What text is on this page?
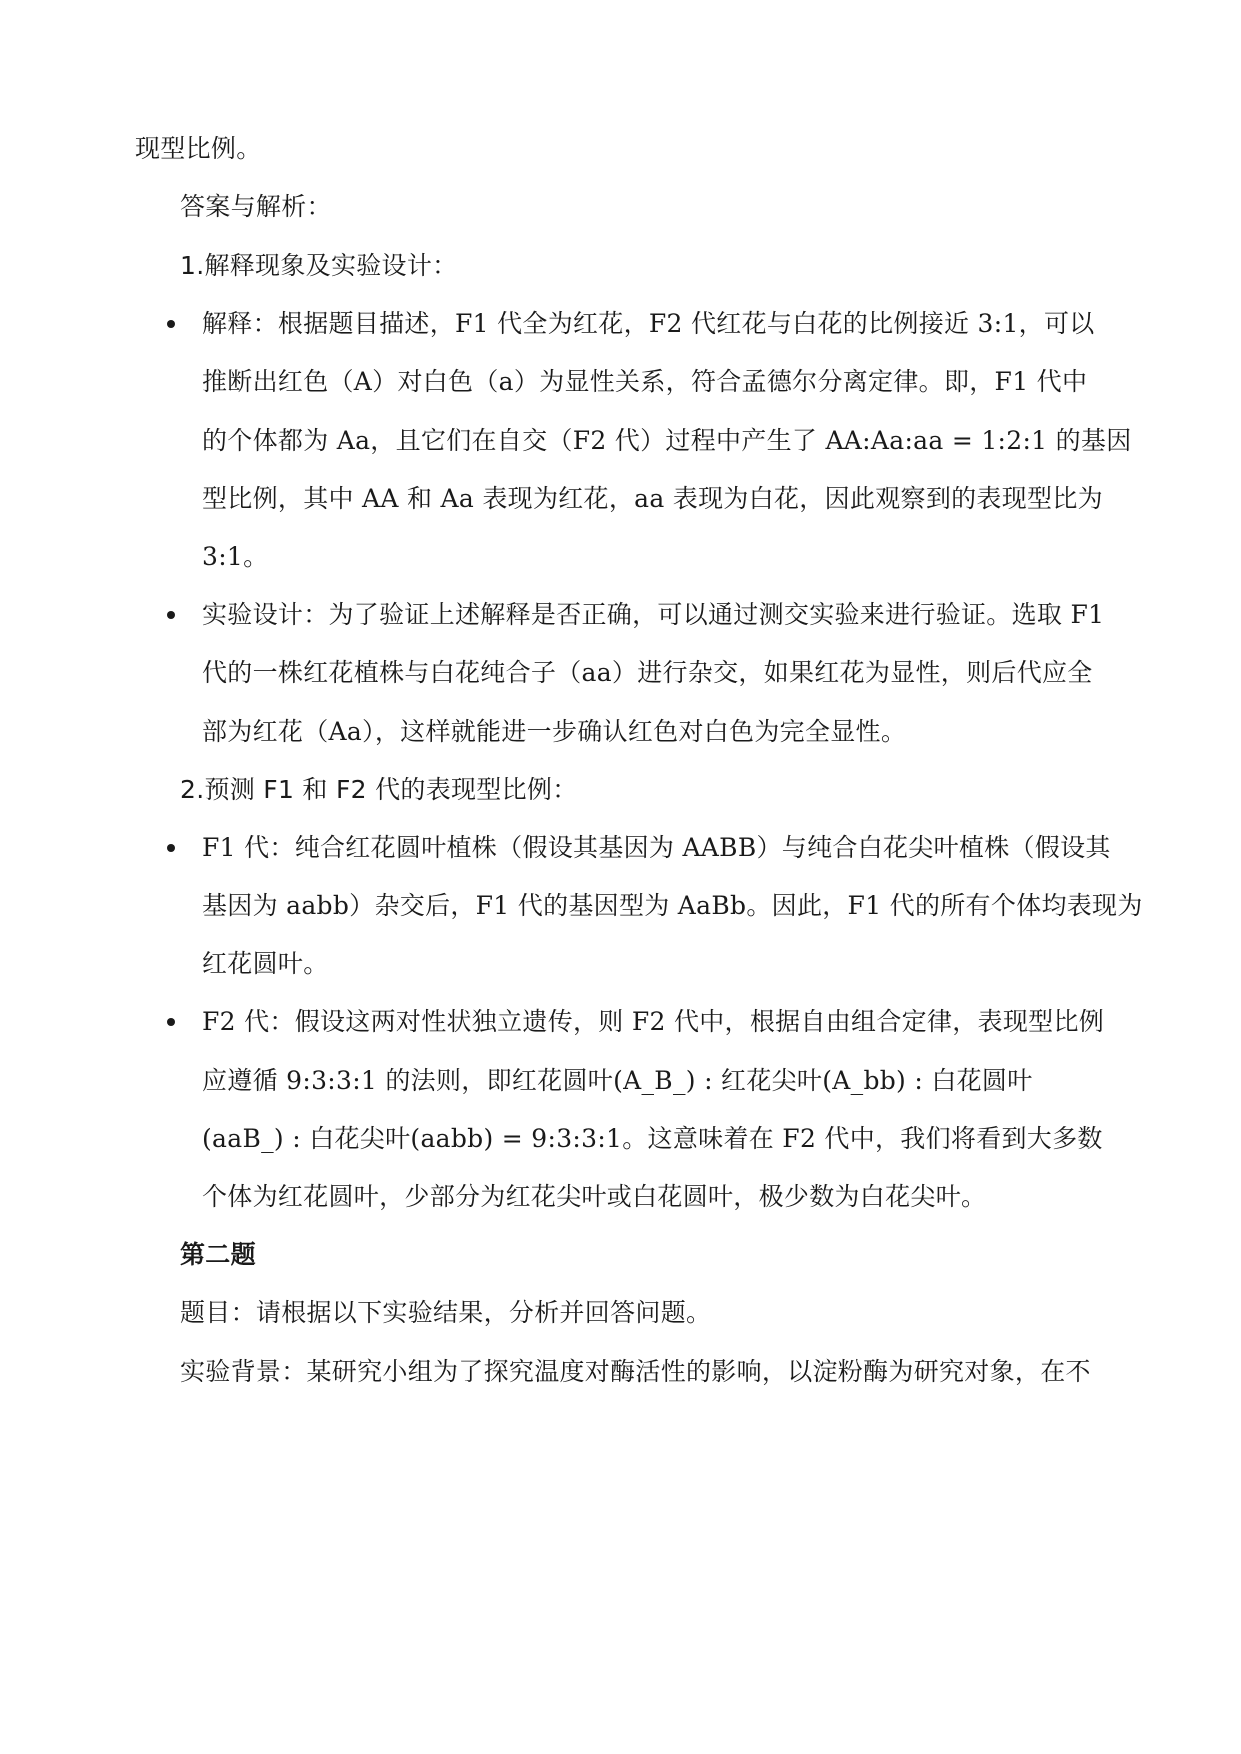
现型比例。
答案与解析：
1.解释现象及实验设计：
解释：根据题目描述，F1 代全为红花，F2 代红花与白花的比例接近 3:1，可以
推断出红色（A）对白色（a）为显性关系，符合孟德尔分离定律。即，F1 代中
的个体都为 Aa，且它们在自交（F2 代）过程中产生了 AA:Aa:aa = 1:2:1 的基因
型比例，其中 AA 和 Aa 表现为红花，aa 表现为白花，因此观察到的表现型比为
3:1。
实验设计：为了验证上述解释是否正确，可以通过测交实验来进行验证。选取 F1
代的一株红花植株与白花纯合子（aa）进行杂交，如果红花为显性，则后代应全
部为红花（Aa），这样就能进一步确认红色对白色为完全显性。
2.预测 F1 和 F2 代的表现型比例：
F1 代：纯合红花圆叶植株（假设其基因为 AABB）与纯合白花尖叶植株（假设其
基因为 aabb）杂交后，F1 代的基因型为 AaBb。因此，F1 代的所有个体均表现为
红花圆叶。
F2 代：假设这两对性状独立遗传，则 F2 代中，根据自由组合定律，表现型比例
应遵循 9:3:3:1 的法则，即红花圆叶(A_B_) : 红花尖叶(A_bb) : 白花圆叶
(aaB_) : 白花尖叶(aabb) = 9:3:3:1。这意味着在 F2 代中，我们将看到大多数
个体为红花圆叶，少部分为红花尖叶或白花圆叶，极少数为白花尖叶。
第二题
题目：请根据以下实验结果，分析并回答问题。
实验背景：某研究小组为了探究温度对酶活性的影响，以淀粉酶为研究对象，在不
